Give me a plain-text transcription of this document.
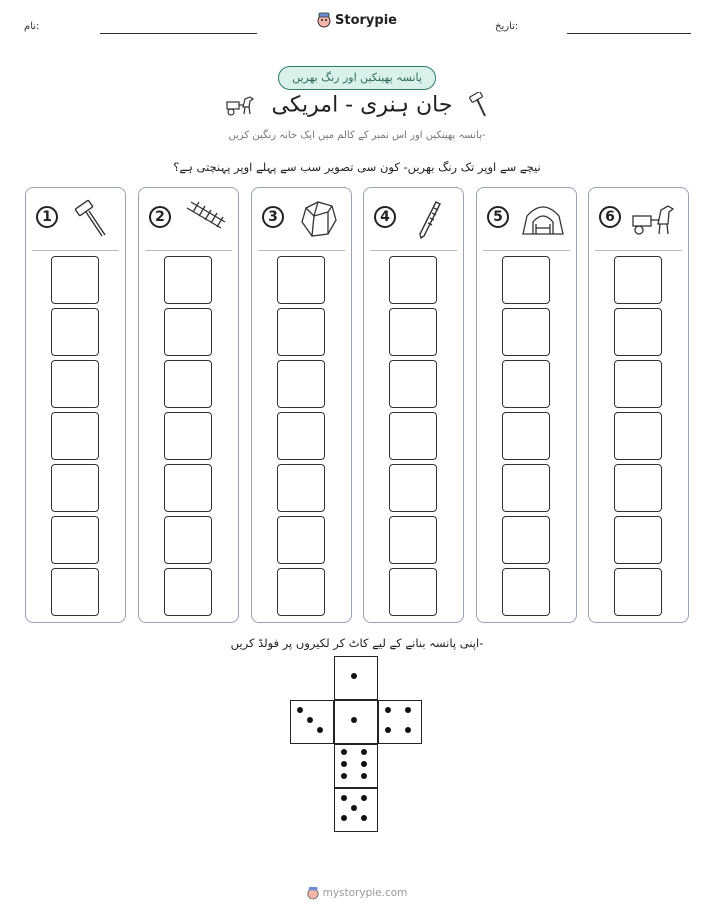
نام:	تاریخ:
Storypie
پانسہ پھینکیں اور رنگ بھریں
جان ہنری - امریکی
پانسہ پھینکیں اور اس نمبر کے کالم میں ایک خانہ رنگین کریں-
نیچے سے اوپر تک رنگ بھریں- کون سی تصویر سب سے پہلے اوپر پہنچتی ہے؟
1	2	3	4	5	6
اپنی پانسہ بنانے کے لیے کاٹ کر لکیروں پر فولڈ کریں-
mystorypie.com
